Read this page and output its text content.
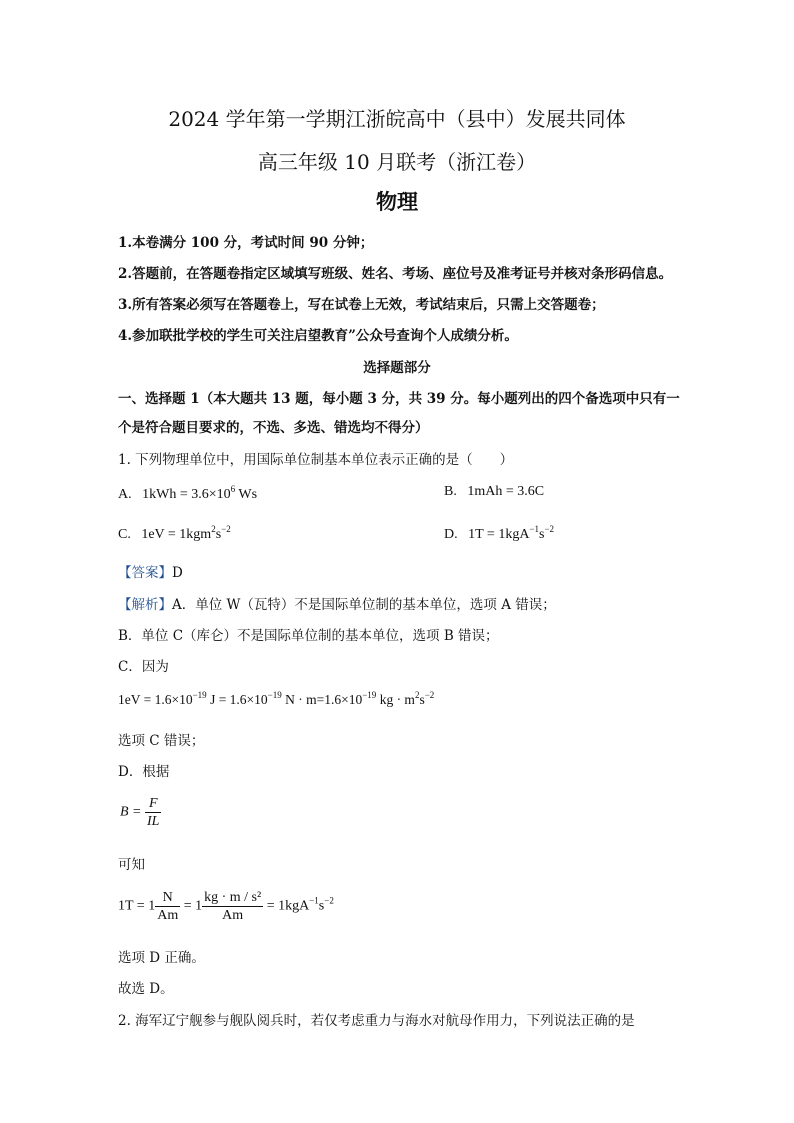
2024 学年第一学期江浙皖高中（县中）发展共同体
高三年级 10 月联考（浙江卷）
物理
1.本卷满分 100 分，考试时间 90 分钟；
2.答题前，在答题卷指定区域填写班级、姓名、考场、座位号及准考证号并核对条形码信息。
3.所有答案必须写在答题卷上，写在试卷上无效，考试结束后，只需上交答题卷；
4.参加联批学校的学生可关注启望教育”公众号查询个人成绩分析。
选择题部分
一、选择题 1（本大题共 13 题，每小题 3 分，共 39 分。每小题列出的四个备选项中只有一
个是符合题目要求的，不选、多选、错选均不得分）
1. 下列物理单位中，用国际单位制基本单位表示正确的是（　　）
A. $1kWh = 3.6\times 10^6$ Ws	B. 1mAh = 3.6C
C. $1eV = 1kgm^2s^{-2}$	D. $1T = 1kgA^{-1}s^{-2}$
【答案】D
【解析】A．单位 W（瓦特）不是国际单位制的基本单位，选项 A 错误；
B．单位 C（库仑）不是国际单位制的基本单位，选项 B 错误；
C．因为
$1eV = 1.6\times 10^{-19}$ $J = 1.6\times 10^{-19}$ $N \cdot m=1.6\times 10^{-19}$ kg · $m^2s^{-2}$
选项 C 错误；
D．根据
$B = \frac{F}{IL}$
可知
$1T = 1 \frac{N}{Am} = 1 \frac{\text{kg · m / s²}}{Am} = 1kgA^{-1}s^{-2}$
选项 D 正确。
故选 D。
2. 海军辽宁舰参与舰队阅兵时，若仅考虑重力与海水对航母作用力，下列说法正确的是
